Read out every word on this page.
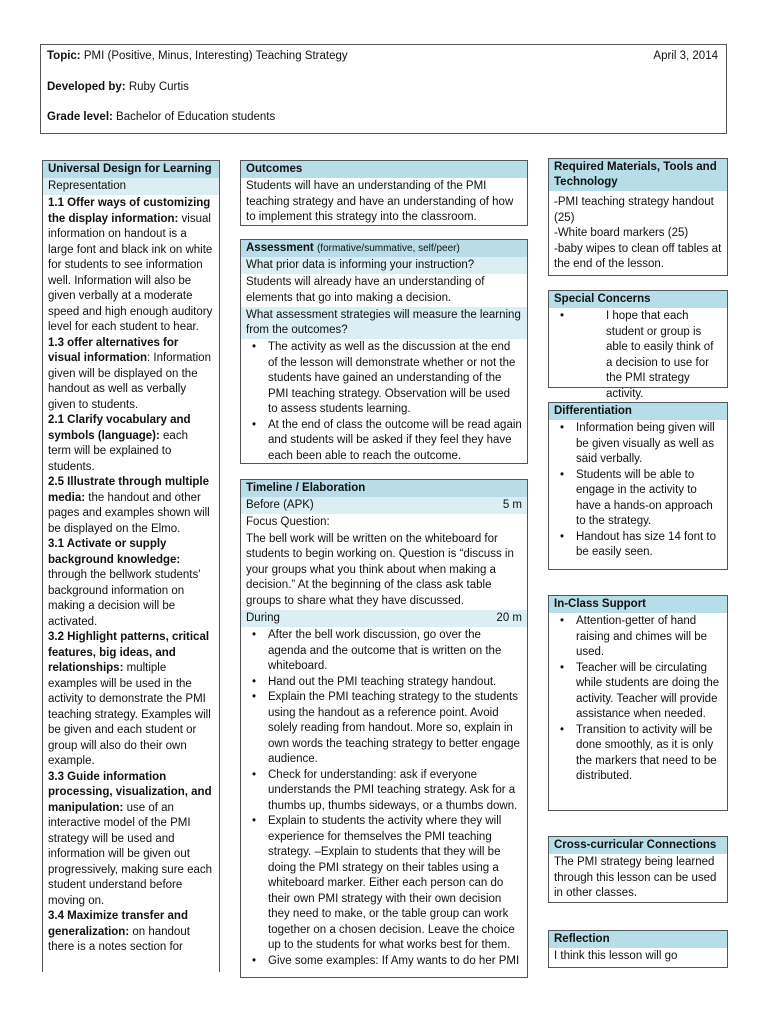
Topic: PMI (Positive, Minus, Interesting) Teaching Strategy	April 3, 2014
Developed by: Ruby Curtis
Grade level: Bachelor of Education students
Universal Design for Learning
Representation

1.1 Offer ways of customizing the display information: visual information on handout is a large font and black ink on white for students to see information well. Information will also be given verbally at a moderate speed and high enough auditory level for each student to hear.

1.3 offer alternatives for visual information: Information given will be displayed on the handout as well as verbally given to students.

2.1 Clarify vocabulary and symbols (language): each term will be explained to students.

2.5 Illustrate through multiple media: the handout and other pages and examples shown will be displayed on the Elmo.

3.1 Activate or supply background knowledge: through the bellwork students' background information on making a decision will be activated.

3.2 Highlight patterns, critical features, big ideas, and relationships: multiple examples will be used in the activity to demonstrate the PMI teaching strategy. Examples will be given and each student or group will also do their own example.

3.3 Guide information processing, visualization, and manipulation: use of an interactive model of the PMI strategy will be used and information will be given out progressively, making sure each student understand before moving on.

3.4 Maximize transfer and generalization: on handout there is a notes section for

Outcomes
Students will have an understanding of the PMI teaching strategy and have an understanding of how to implement this strategy into the classroom.
Assessment (formative/summative, self/peer)
What prior data is informing your instruction?
Students will already have an understanding of elements that go into making a decision.
What assessment strategies will measure the learning from the outcomes?
• The activity as well as the discussion at the end of the lesson will demonstrate whether or not the students have gained an understanding of the PMI teaching strategy. Observation will be used to assess students learning.
• At the end of class the outcome will be read again and students will be asked if they feel they have each been able to reach the outcome.
Timeline / Elaboration
Before (APK)	5 m
Focus Question:
The bell work will be written on the whiteboard for students to begin working on. Question is “discuss in your groups what you think about when making a decision.” At the beginning of the class ask table groups to share what they have discussed.
During	20 m
• After the bell work discussion, go over the agenda and the outcome that is written on the whiteboard.
• Hand out the PMI teaching strategy handout.
• Explain the PMI teaching strategy to the students using the handout as a reference point. Avoid solely reading from handout. More so, explain in own words the teaching strategy to better engage audience.
• Check for understanding: ask if everyone understands the PMI teaching strategy. Ask for a thumbs up, thumbs sideways, or a thumbs down.
• Explain to students the activity where they will experience for themselves the PMI teaching strategy. –Explain to students that they will be doing the PMI strategy on their tables using a whiteboard marker. Either each person can do their own PMI strategy with their own decision they need to make, or the table group can work together on a chosen decision. Leave the choice up to the students for what works best for them.
• Give some examples: If Amy wants to do her PMI
Required Materials, Tools and Technology
-PMI teaching strategy handout (25)
-White board markers (25)
-baby wipes to clean off tables at the end of the lesson.
Special Concerns
• I hope that each student or group is able to easily think of a decision to use for the PMI strategy activity.
Differentiation
• Information being given will be given visually as well as said verbally.
• Students will be able to engage in the activity to have a hands-on approach to the strategy.
• Handout has size 14 font to be easily seen.
In-Class Support
• Attention-getter of hand raising and chimes will be used.
• Teacher will be circulating while students are doing the activity. Teacher will provide assistance when needed.
• Transition to activity will be done smoothly, as it is only the markers that need to be distributed.
Cross-curricular Connections
The PMI strategy being learned through this lesson can be used in other classes.
Reflection
I think this lesson will go
